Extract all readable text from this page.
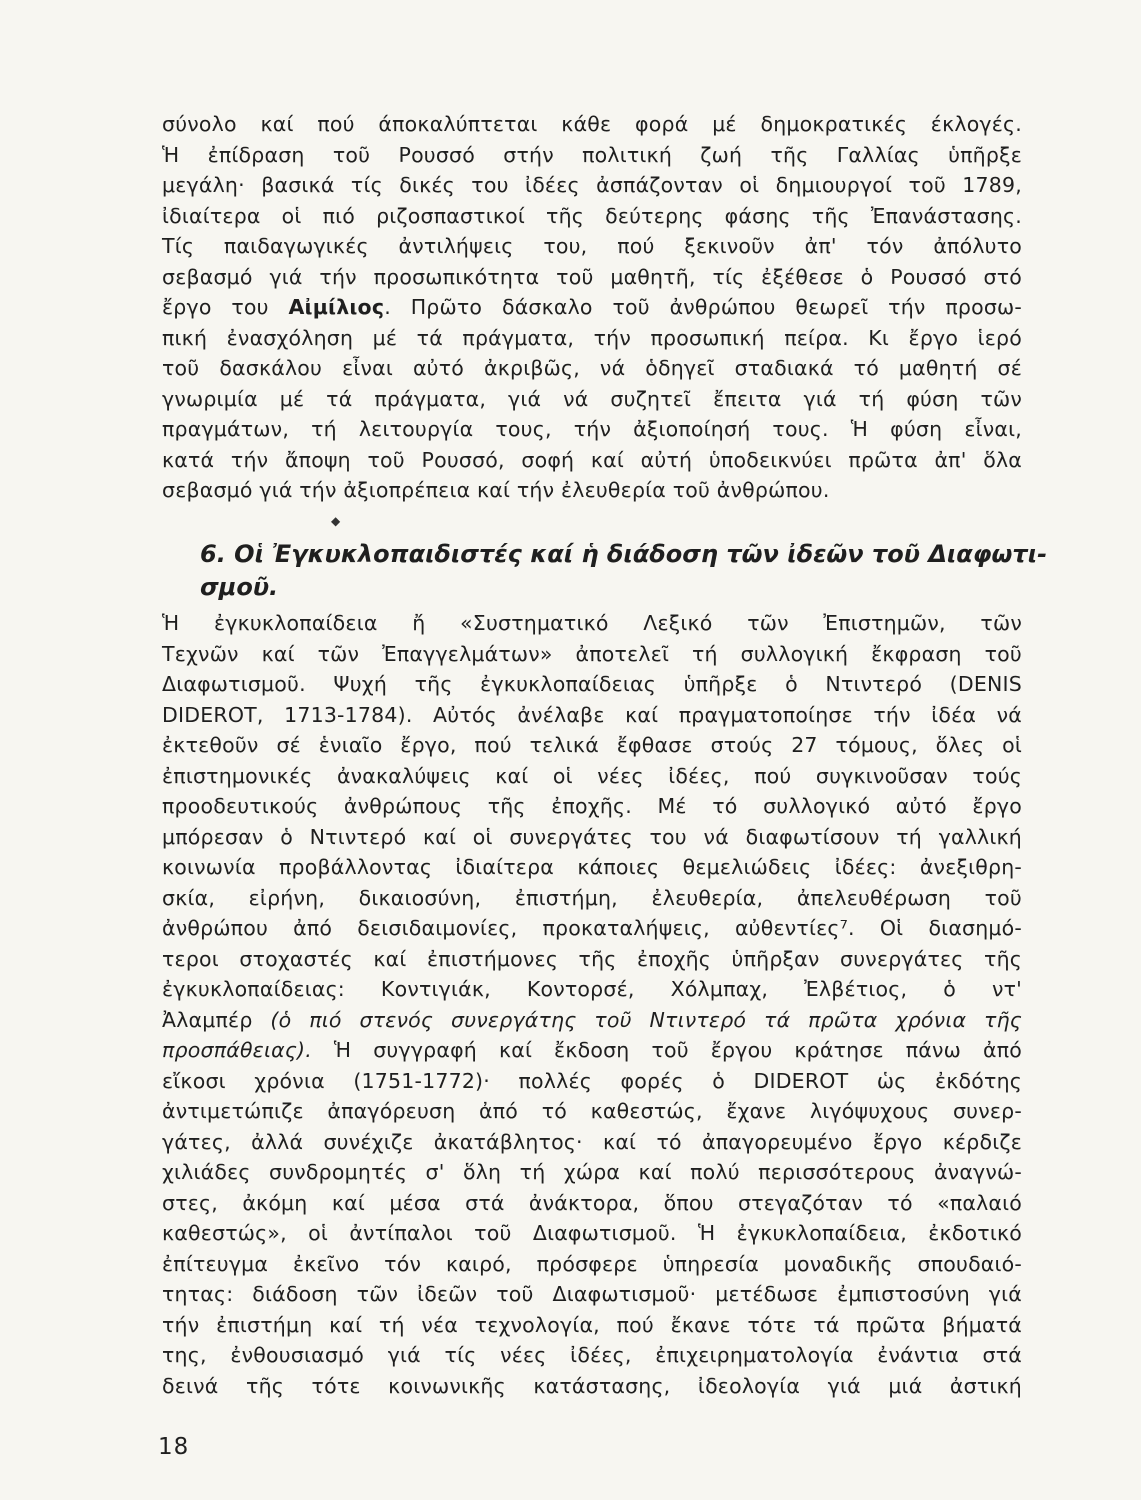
σύνολο καί πού άποκαλύπτεται κάθε φορά μέ δημοκρατικές έκλογές.
Ἡ ἐπίδραση τοῦ Ρουσσό στήν πολιτική ζωή τῆς Γαλλίας ὑπῆρξε
μεγάλη· βασικά τίς δικές του ἰδέες ἀσπάζονταν οἱ δημιουργοί τοῦ 1789,
ἰδιαίτερα οἱ πιό ριζοσπαστικοί τῆς δεύτερης φάσης τῆς Ἐπανάστασης.
Τίς παιδαγωγικές ἀντιλήψεις του, πού ξεκινοῦν ἀπ' τόν ἀπόλυτο
σεβασμό γιά τήν προσωπικότητα τοῦ μαθητῆ, τίς ἐξέθεσε ὁ Ρουσσό στό
ἔργο του Αἰμίλιος. Πρῶτο δάσκαλο τοῦ ἀνθρώπου θεωρεῖ τήν προσω-
πική ἐνασχόληση μέ τά πράγματα, τήν προσωπική πείρα. Κι ἔργο ἱερό
τοῦ δασκάλου εἶναι αὐτό ἀκριβῶς, νά ὁδηγεῖ σταδιακά τό μαθητή σέ
γνωριμία μέ τά πράγματα, γιά νά συζητεῖ ἔπειτα γιά τή φύση τῶν
πραγμάτων, τή λειτουργία τους, τήν ἀξιοποίησή τους. Ἡ φύση εἶναι,
κατά τήν ἄποψη τοῦ Ρουσσό, σοφή καί αὐτή ὑποδεικνύει πρῶτα ἀπ' ὅλα
σεβασμό γιά τήν ἀξιοπρέπεια καί τήν ἐλευθερία τοῦ ἀνθρώπου.
6. Οἱ Ἐγκυκλοπαιδιστές καί ἡ διάδοση τῶν ἰδεῶν τοῦ Διαφωτι-
σμοῦ.
Ἡ ἐγκυκλοπαίδεια ἤ «Συστηματικό Λεξικό τῶν Ἐπιστημῶν, τῶν
Τεχνῶν καί τῶν Ἐπαγγελμάτων» ἀποτελεῖ τή συλλογική ἔκφραση τοῦ
Διαφωτισμοῦ. Ψυχή τῆς ἐγκυκλοπαίδειας ὑπῆρξε ὁ Ντιντερό (DENIS
DIDEROT, 1713-1784). Αὐτός ἀνέλαβε καί πραγματοποίησε τήν ἰδέα νά
ἐκτεθοῦν σέ ἑνιαῖο ἔργο, πού τελικά ἔφθασε στούς 27 τόμους, ὅλες οἱ
ἐπιστημονικές ἀνακαλύψεις καί οἱ νέες ἰδέες, πού συγκινοῦσαν τούς
προοδευτικούς ἀνθρώπους τῆς ἐποχῆς. Μέ τό συλλογικό αὐτό ἔργο
μπόρεσαν ὁ Ντιντερό καί οἱ συνεργάτες του νά διαφωτίσουν τή γαλλική
κοινωνία προβάλλοντας ἰδιαίτερα κάποιες θεμελιώδεις ἰδέες: ἀνεξιθρη-
σκία, εἰρήνη, δικαιοσύνη, ἐπιστήμη, ἐλευθερία, ἀπελευθέρωση τοῦ
ἀνθρώπου ἀπό δεισιδαιμονίες, προκαταλήψεις, αὐθεντίες⁷. Οἱ διασημό-
τεροι στοχαστές καί ἐπιστήμονες τῆς ἐποχῆς ὑπῆρξαν συνεργάτες τῆς
ἐγκυκλοπαίδειας: Κοντιγιάκ, Κοντορσέ, Χόλμπαχ, Ἐλβέτιος, ὁ ντ'
Ἀλαμπέρ (ὁ πιό στενός συνεργάτης τοῦ Ντιντερό τά πρῶτα χρόνια τῆς
προσπάθειας). Ἡ συγγραφή καί ἔκδοση τοῦ ἔργου κράτησε πάνω ἀπό
εἴκοσι χρόνια (1751-1772)· πολλές φορές ὁ DIDEROT ὡς ἐκδότης
ἀντιμετώπιζε ἀπαγόρευση ἀπό τό καθεστώς, ἔχανε λιγόψυχους συνερ-
γάτες, ἀλλά συνέχιζε ἀκατάβλητος· καί τό ἀπαγορευμένο ἔργο κέρδιζε
χιλιάδες συνδρομητές σ' ὅλη τή χώρα καί πολύ περισσότερους ἀναγνώ-
στες, ἀκόμη καί μέσα στά ἀνάκτορα, ὅπου στεγαζόταν τό «παλαιό
καθεστώς», οἱ ἀντίπαλοι τοῦ Διαφωτισμοῦ. Ἡ ἐγκυκλοπαίδεια, ἐκδοτικό
ἐπίτευγμα ἐκεῖνο τόν καιρό, πρόσφερε ὑπηρεσία μοναδικῆς σπουδαιό-
τητας: διάδοση τῶν ἰδεῶν τοῦ Διαφωτισμοῦ· μετέδωσε ἐμπιστοσύνη γιά
τήν ἐπιστήμη καί τή νέα τεχνολογία, πού ἔκανε τότε τά πρῶτα βήματά
της, ἐνθουσιασμό γιά τίς νέες ἰδέες, ἐπιχειρηματολογία ἐνάντια στά
δεινά τῆς τότε κοινωνικῆς κατάστασης, ἰδεολογία γιά μιά ἀστική
◆
18
